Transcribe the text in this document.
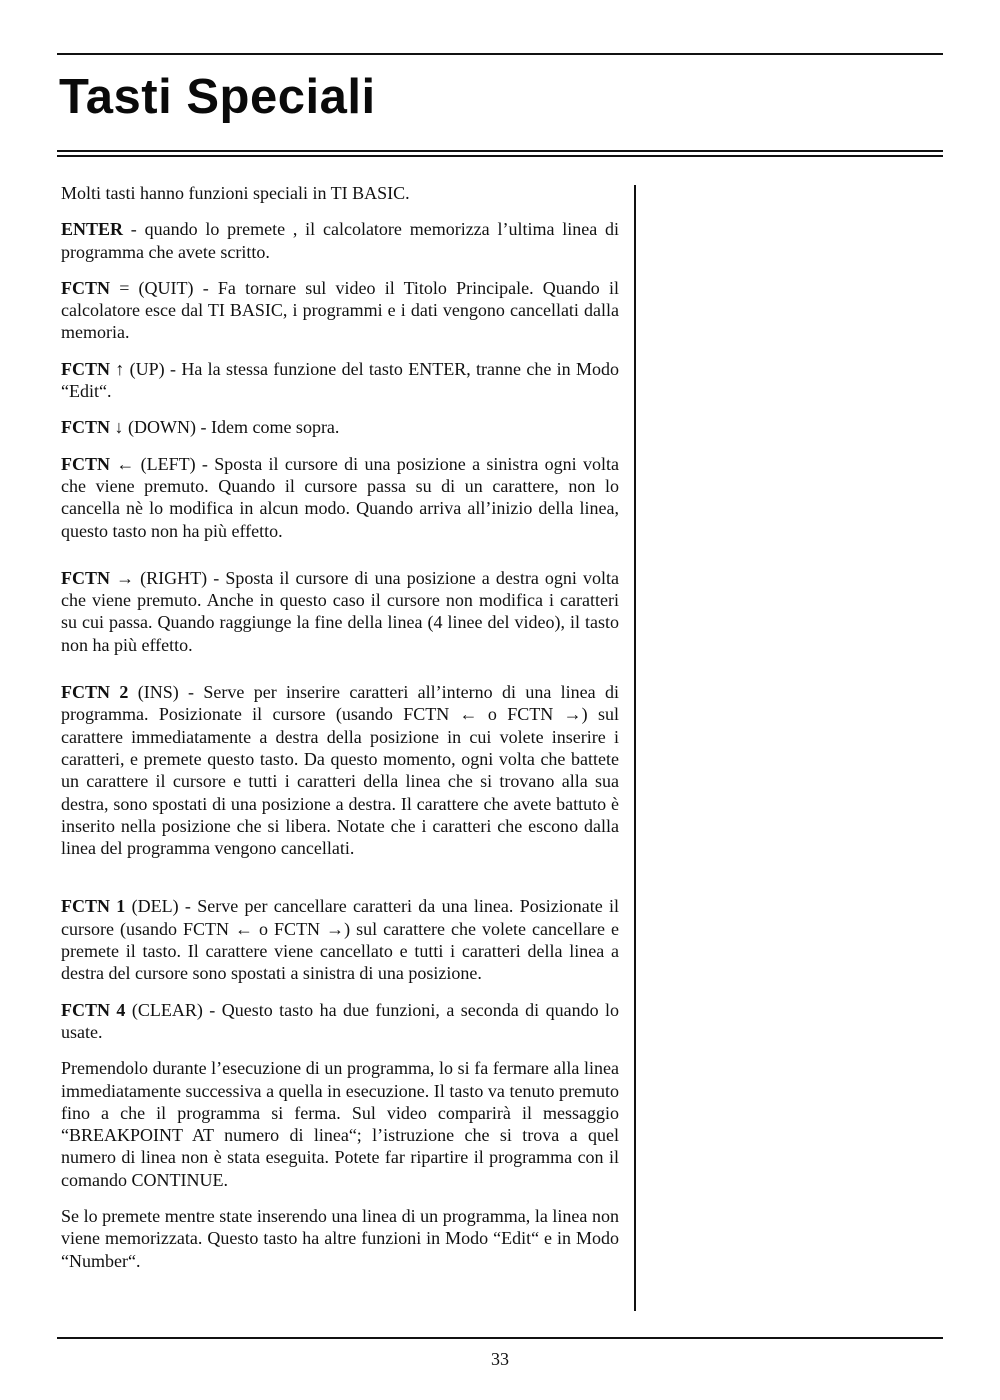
Tasti Speciali

Molti tasti hanno funzioni speciali in TI BASIC.

ENTER - quando lo premete , il calcolatore memorizza l’ultima linea di programma che avete scritto.

FCTN = (QUIT) - Fa tornare sul video il Titolo Principale. Quando il calcolatore esce dal TI BASIC, i programmi e i dati vengono cancellati dalla memoria.

FCTN ↑ (UP) - Ha la stessa funzione del tasto ENTER, tranne che in Modo “Edit“.

FCTN ↓ (DOWN) - Idem come sopra.

FCTN ← (LEFT) - Sposta il cursore di una posizione a sinistra ogni volta che viene premuto. Quando il cursore passa su di un carattere, non lo cancella nè lo modifica in alcun modo. Quando arriva all’inizio della linea, questo tasto non ha più effetto.

FCTN → (RIGHT) - Sposta il cursore di una posizione a destra ogni volta che viene premuto. Anche in questo caso il cursore non modifica i caratteri su cui passa. Quando raggiunge la fine della linea (4 linee del video), il tasto non ha più effetto.

FCTN 2 (INS) - Serve per inserire caratteri all’interno di una linea di programma. Posizionate il cursore (usando FCTN ← o FCTN →) sul carattere immediatamente a destra della posizione in cui volete inserire i caratteri, e premete questo tasto. Da questo momento, ogni volta che battete un carattere il cursore e tutti i caratteri della linea che si trovano alla sua destra, sono spostati di una posizione a destra. Il carattere che avete battuto è inserito nella posizione che si libera. Notate che i caratteri che escono dalla linea del programma vengono cancellati.

FCTN 1 (DEL) - Serve per cancellare caratteri da una linea. Posizionate il cursore (usando FCTN ← o FCTN →) sul carattere che volete cancellare e premete il tasto. Il carattere viene cancellato e tutti i caratteri della linea a destra del cursore sono spostati a sinistra di una posizione.

FCTN 4 (CLEAR) - Questo tasto ha due funzioni, a seconda di quando lo usate.

Premendolo durante l’esecuzione di un programma, lo si fa fermare alla linea immediatamente successiva a quella in esecuzione. Il tasto va tenuto premuto fino a che il programma si ferma. Sul video comparirà il messaggio “BREAKPOINT AT numero di linea“; l’istruzione che si trova a quel numero di linea non è stata eseguita. Potete far ripartire il programma con il comando CONTINUE.

Se lo premete mentre state inserendo una linea di un programma, la linea non viene memorizzata. Questo tasto ha altre funzioni in Modo “Edit“ e in Modo “Number“.

33
